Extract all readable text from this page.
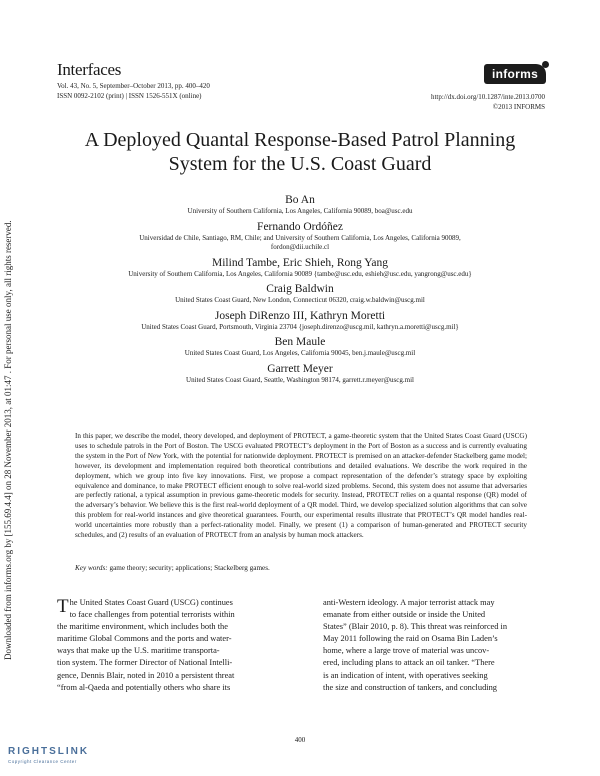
Downloaded from informs.org by [155.69.4.4] on 28 November 2013, at 01:47 . For personal use only, all rights reserved.
Interfaces
Vol. 43, No. 5, September–October 2013, pp. 400–420
ISSN 0092-2102 (print) | ISSN 1526-551X (online)
informs
http://dx.doi.org/10.1287/inte.2013.0700
©2013 INFORMS
A Deployed Quantal Response-Based Patrol Planning
System for the U.S. Coast Guard
Bo An
University of Southern California, Los Angeles, California 90089, boa@usc.edu
Fernando Ordóñez
Universidad de Chile, Santiago, RM, Chile; and University of Southern California, Los Angeles, California 90089,
fordon@dii.uchile.cl
Milind Tambe, Eric Shieh, Rong Yang
University of Southern California, Los Angeles, California 90089 {tambe@usc.edu, eshieh@usc.edu, yangrong@usc.edu}
Craig Baldwin
United States Coast Guard, New London, Connecticut 06320, craig.w.baldwin@uscg.mil
Joseph DiRenzo III, Kathryn Moretti
United States Coast Guard, Portsmouth, Virginia 23704 {joseph.direnzo@uscg.mil, kathryn.a.moretti@uscg.mil}
Ben Maule
United States Coast Guard, Los Angeles, California 90045, ben.j.maule@uscg.mil
Garrett Meyer
United States Coast Guard, Seattle, Washington 98174, garrett.r.meyer@uscg.mil
In this paper, we describe the model, theory developed, and deployment of PROTECT, a game-theoretic system that the United States Coast Guard (USCG) uses to schedule patrols in the Port of Boston. The USCG evaluated PROTECT’s deployment in the Port of Boston as a success and is currently evaluating the system in the Port of New York, with the potential for nationwide deployment. PROTECT is premised on an attacker-defender Stackelberg game model; however, its development and implementation required both theoretical contributions and detailed evaluations. We describe the work required in the deployment, which we group into five key innovations. First, we propose a compact representation of the defender’s strategy space by exploiting equivalence and dominance, to make PROTECT efficient enough to solve real-world sized problems. Second, this system does not assume that adversaries are perfectly rational, a typical assumption in previous game-theoretic models for security. Instead, PROTECT relies on a quantal response (QR) model of the adversary’s behavior. We believe this is the first real-world deployment of a QR model. Third, we develop specialized solution algorithms that can solve this problem for real-world instances and give theoretical guarantees. Fourth, our experimental results illustrate that PROTECT’s QR model handles real-world uncertainties more robustly than a perfect-rationality model. Finally, we present (1) a comparison of human-generated and PROTECT security schedules, and (2) results of an evaluation of PROTECT from an analysis by human mock attackers.
Key words: game theory; security; applications; Stackelberg games.
T he United States Coast Guard (USCG) continues
to face challenges from potential terrorists within
the maritime environment, which includes both the
maritime Global Commons and the ports and water-
ways that make up the U.S. maritime transporta-
tion system. The former Director of National Intelli-
gence, Dennis Blair, noted in 2010 a persistent threat
“from al-Qaeda and potentially others who share its
anti-Western ideology. A major terrorist attack may
emanate from either outside or inside the United
States” (Blair 2010, p. 8). This threat was reinforced in
May 2011 following the raid on Osama Bin Laden’s
home, where a large trove of material was uncov-
ered, including plans to attack an oil tanker. “There
is an indication of intent, with operatives seeking
the size and construction of tankers, and concluding
400
RIGHTSLINK
Copyright Clearance Center
